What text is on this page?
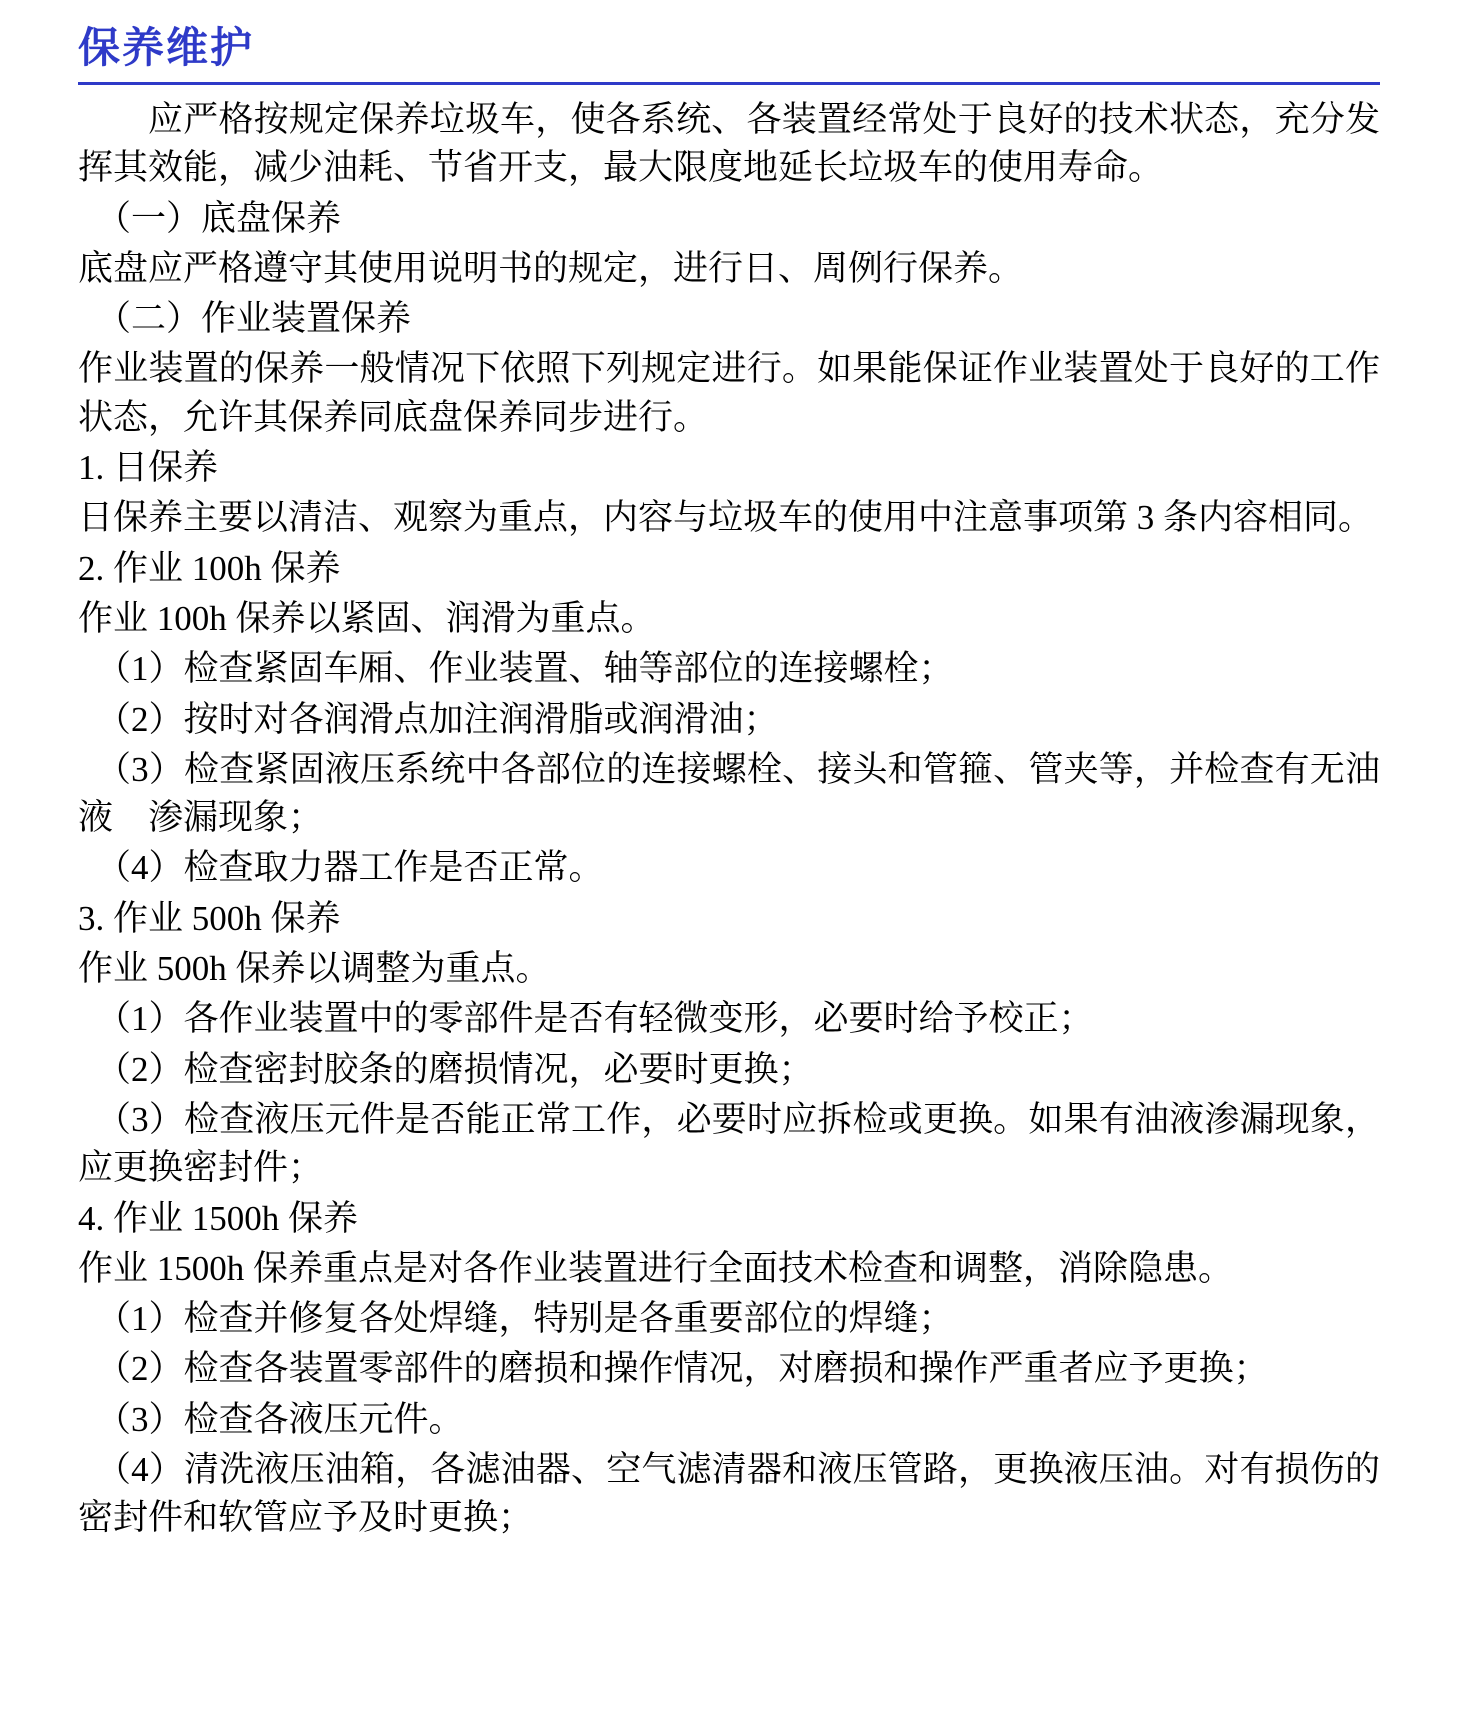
保养维护

应严格按规定保养垃圾车，使各系统、各装置经常处于良好的技术状态，充分发挥其效能，减少油耗、节省开支，最大限度地延长垃圾车的使用寿命。

（一）底盘保养

底盘应严格遵守其使用说明书的规定，进行日、周例行保养。

（二）作业装置保养

作业装置的保养一般情况下依照下列规定进行。如果能保证作业装置处于良好的工作状态，允许其保养同底盘保养同步进行。

1. 日保养

日保养主要以清洁、观察为重点，内容与垃圾车的使用中注意事项第 3 条内容相同。

2. 作业 100h 保养

作业 100h 保养以紧固、润滑为重点。

（1）检查紧固车厢、作业装置、轴等部位的连接螺栓；

（2）按时对各润滑点加注润滑脂或润滑油；

（3）检查紧固液压系统中各部位的连接螺栓、接头和管箍、管夹等，并检查有无油液　渗漏现象；

（4）检查取力器工作是否正常。

3. 作业 500h 保养

作业 500h 保养以调整为重点。

（1）各作业装置中的零部件是否有轻微变形，必要时给予校正；

（2）检查密封胶条的磨损情况，必要时更换；

（3）检查液压元件是否能正常工作，必要时应拆检或更换。如果有油液渗漏现象，应更换密封件；

4. 作业 1500h 保养

作业 1500h 保养重点是对各作业装置进行全面技术检查和调整，消除隐患。

（1）检查并修复各处焊缝，特别是各重要部位的焊缝；

（2）检查各装置零部件的磨损和操作情况，对磨损和操作严重者应予更换；

（3）检查各液压元件。

（4）清洗液压油箱，各滤油器、空气滤清器和液压管路，更换液压油。对有损伤的密封件和软管应予及时更换；
